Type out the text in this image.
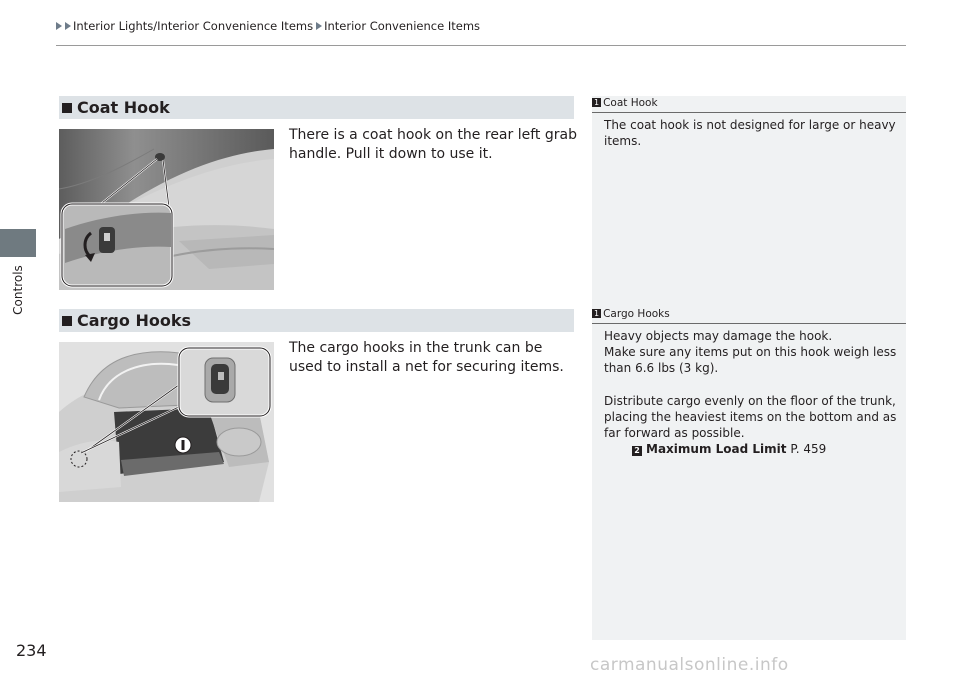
Interior Lights/Interior Convenience Items Interior Convenience Items
Controls
Coat Hook
There is a coat hook on the rear left grab handle. Pull it down to use it.
Cargo Hooks
The cargo hooks in the trunk can be used to install a net for securing items.
1 Coat Hook
The coat hook is not designed for large or heavy items.
1 Cargo Hooks
Heavy objects may damage the hook.
Make sure any items put on this hook weigh less than 6.6 lbs (3 kg).
Distribute cargo evenly on the floor of the trunk, placing the heaviest items on the bottom and as far forward as possible.
2 Maximum Load Limit P. 459
234
carmanualsonline.info
